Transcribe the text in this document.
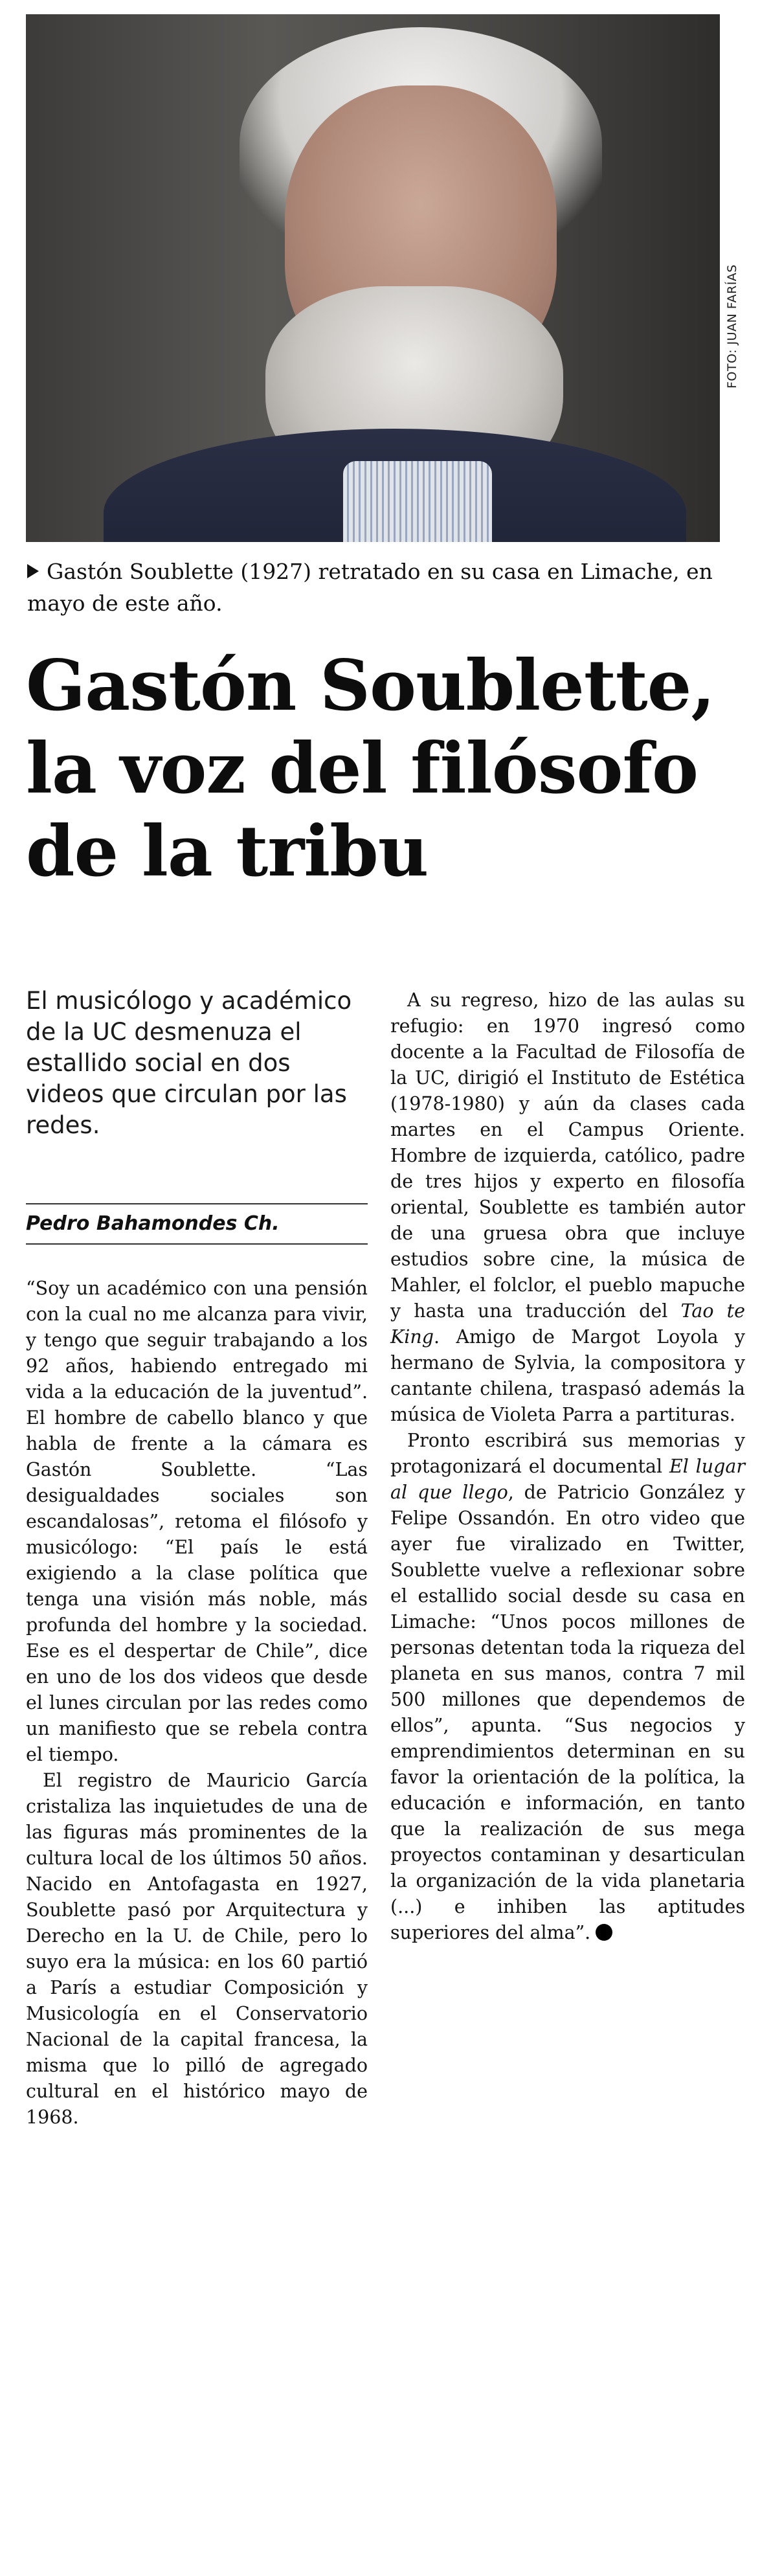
FOTO: JUAN FARÍAS
Gastón Soublette (1927) retratado en su casa en Limache, en mayo de este año.
Gastón Soublette,
la voz del filósofo
de la tribu
El musicólogo y académico de la UC desmenuza el estallido social en dos videos que circulan por las redes.
Pedro Bahamondes Ch.

“Soy un académico con una pensión con la cual no me alcanza para vivir, y tengo que seguir trabajando a los 92 años, habiendo entregado mi vida a la educación de la juventud”. El hombre de cabello blanco y que habla de frente a la cámara es Gastón Soublette. “Las desigualdades sociales son escandalosas”, retoma el filósofo y musicólogo: “El país le está exigiendo a la clase política que tenga una visión más noble, más profunda del hombre y la sociedad. Ese es el despertar de Chile”, dice en uno de los dos videos que desde el lunes circulan por las redes como un manifiesto que se rebela contra el tiempo.

El registro de Mauricio García cristaliza las inquietudes de una de las figuras más prominentes de la cultura local de los últimos 50 años. Nacido en Antofagasta en 1927, Soublette pasó por Arquitectura y Derecho en la U. de Chile, pero lo suyo era la música: en los 60 partió a París a estudiar Composición y Musicología en el Conservatorio Nacional de la capital francesa, la misma que lo pilló de agregado cultural en el histórico mayo de 1968.

A su regreso, hizo de las aulas su refugio: en 1970 ingresó como docente a la Facultad de Filosofía de la UC, dirigió el Instituto de Estética (1978-1980) y aún da clases cada martes en el Campus Oriente. Hombre de izquierda, católico, padre de tres hijos y experto en filosofía oriental, Soublette es también autor de una gruesa obra que incluye estudios sobre cine, la música de Mahler, el folclor, el pueblo mapuche y hasta una traducción del Tao te King. Amigo de Margot Loyola y hermano de Sylvia, la compositora y cantante chilena, traspasó además la música de Violeta Parra a partituras.

Pronto escribirá sus memorias y protagonizará el documental El lugar al que llego, de Patricio González y Felipe Ossandón. En otro video que ayer fue viralizado en Twitter, Soublette vuelve a reflexionar sobre el estallido social desde su casa en Limache: “Unos pocos millones de personas detentan toda la riqueza del planeta en sus manos, contra 7 mil 500 millones que dependemos de ellos”, apunta. “Sus negocios y emprendimientos determinan en su favor la orientación de la política, la educación e información, en tanto que la realización de sus mega proyectos contaminan y desarticulan la organización de la vida planetaria (...) e inhiben las aptitudes superiores del alma”.
